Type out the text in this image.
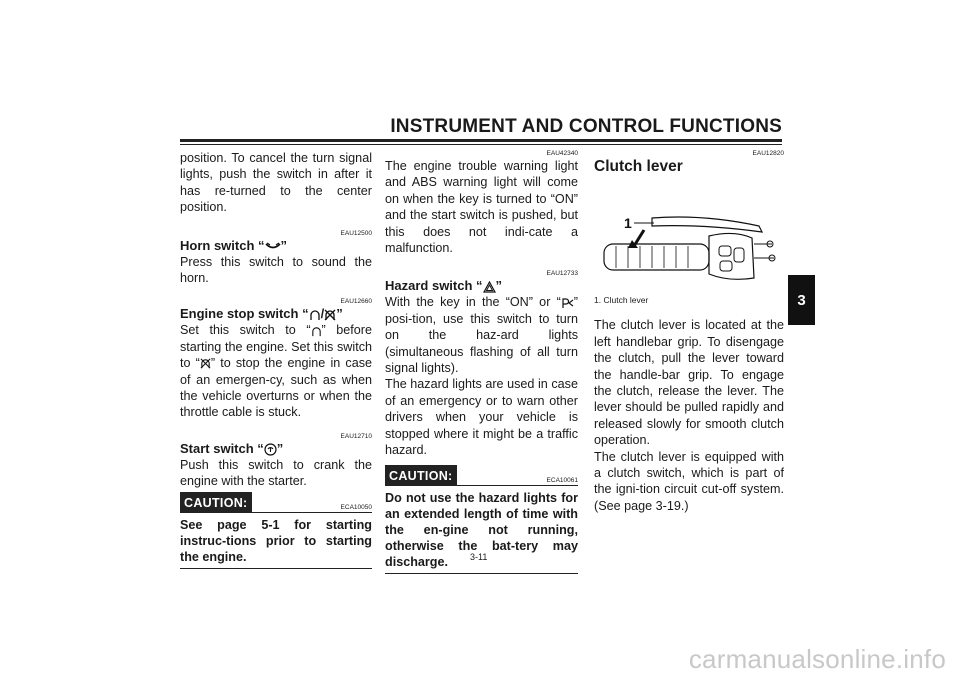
INSTRUMENT AND CONTROL FUNCTIONS
3

position. To cancel the turn signal lights, push the switch in after it has re-turned to the center position.

EAU12500
Horn switch “ ”

Press this switch to sound the horn.

EAU12660
Engine stop switch “ / ”

Set this switch to “ ” before starting the engine. Set this switch to “ ” to stop the engine in case of an emergen-cy, such as when the vehicle overturns or when the throttle cable is stuck.

EAU12710
Start switch “ ”

Push this switch to crank the engine with the starter.

CAUTION:	ECA10050
See page 5-1 for starting instruc-tions prior to starting the engine.
EAU42340

The engine trouble warning light and ABS warning light will come on when the key is turned to “ON” and the start switch is pushed, but this does not indi-cate a malfunction.

EAU12733
Hazard switch “ ”

With the key in the “ON” or “ ” posi-tion, use this switch to turn on the haz-ard lights (simultaneous flashing of all turn signal lights).

The hazard lights are used in case of an emergency or to warn other drivers when your vehicle is stopped where it might be a traffic hazard.

CAUTION:	ECA10061
Do not use the hazard lights for an extended length of time with the en-gine not running, otherwise the bat-tery may discharge.
EAU12820
Clutch lever
1
1. Clutch lever

The clutch lever is located at the left handlebar grip. To disengage the clutch, pull the lever toward the handle-bar grip. To engage the clutch, release the lever. The lever should be pulled rapidly and released slowly for smooth clutch operation.

The clutch lever is equipped with a clutch switch, which is part of the igni-tion circuit cut-off system. (See page 3-19.)

3-11
carmanualsonline.info
